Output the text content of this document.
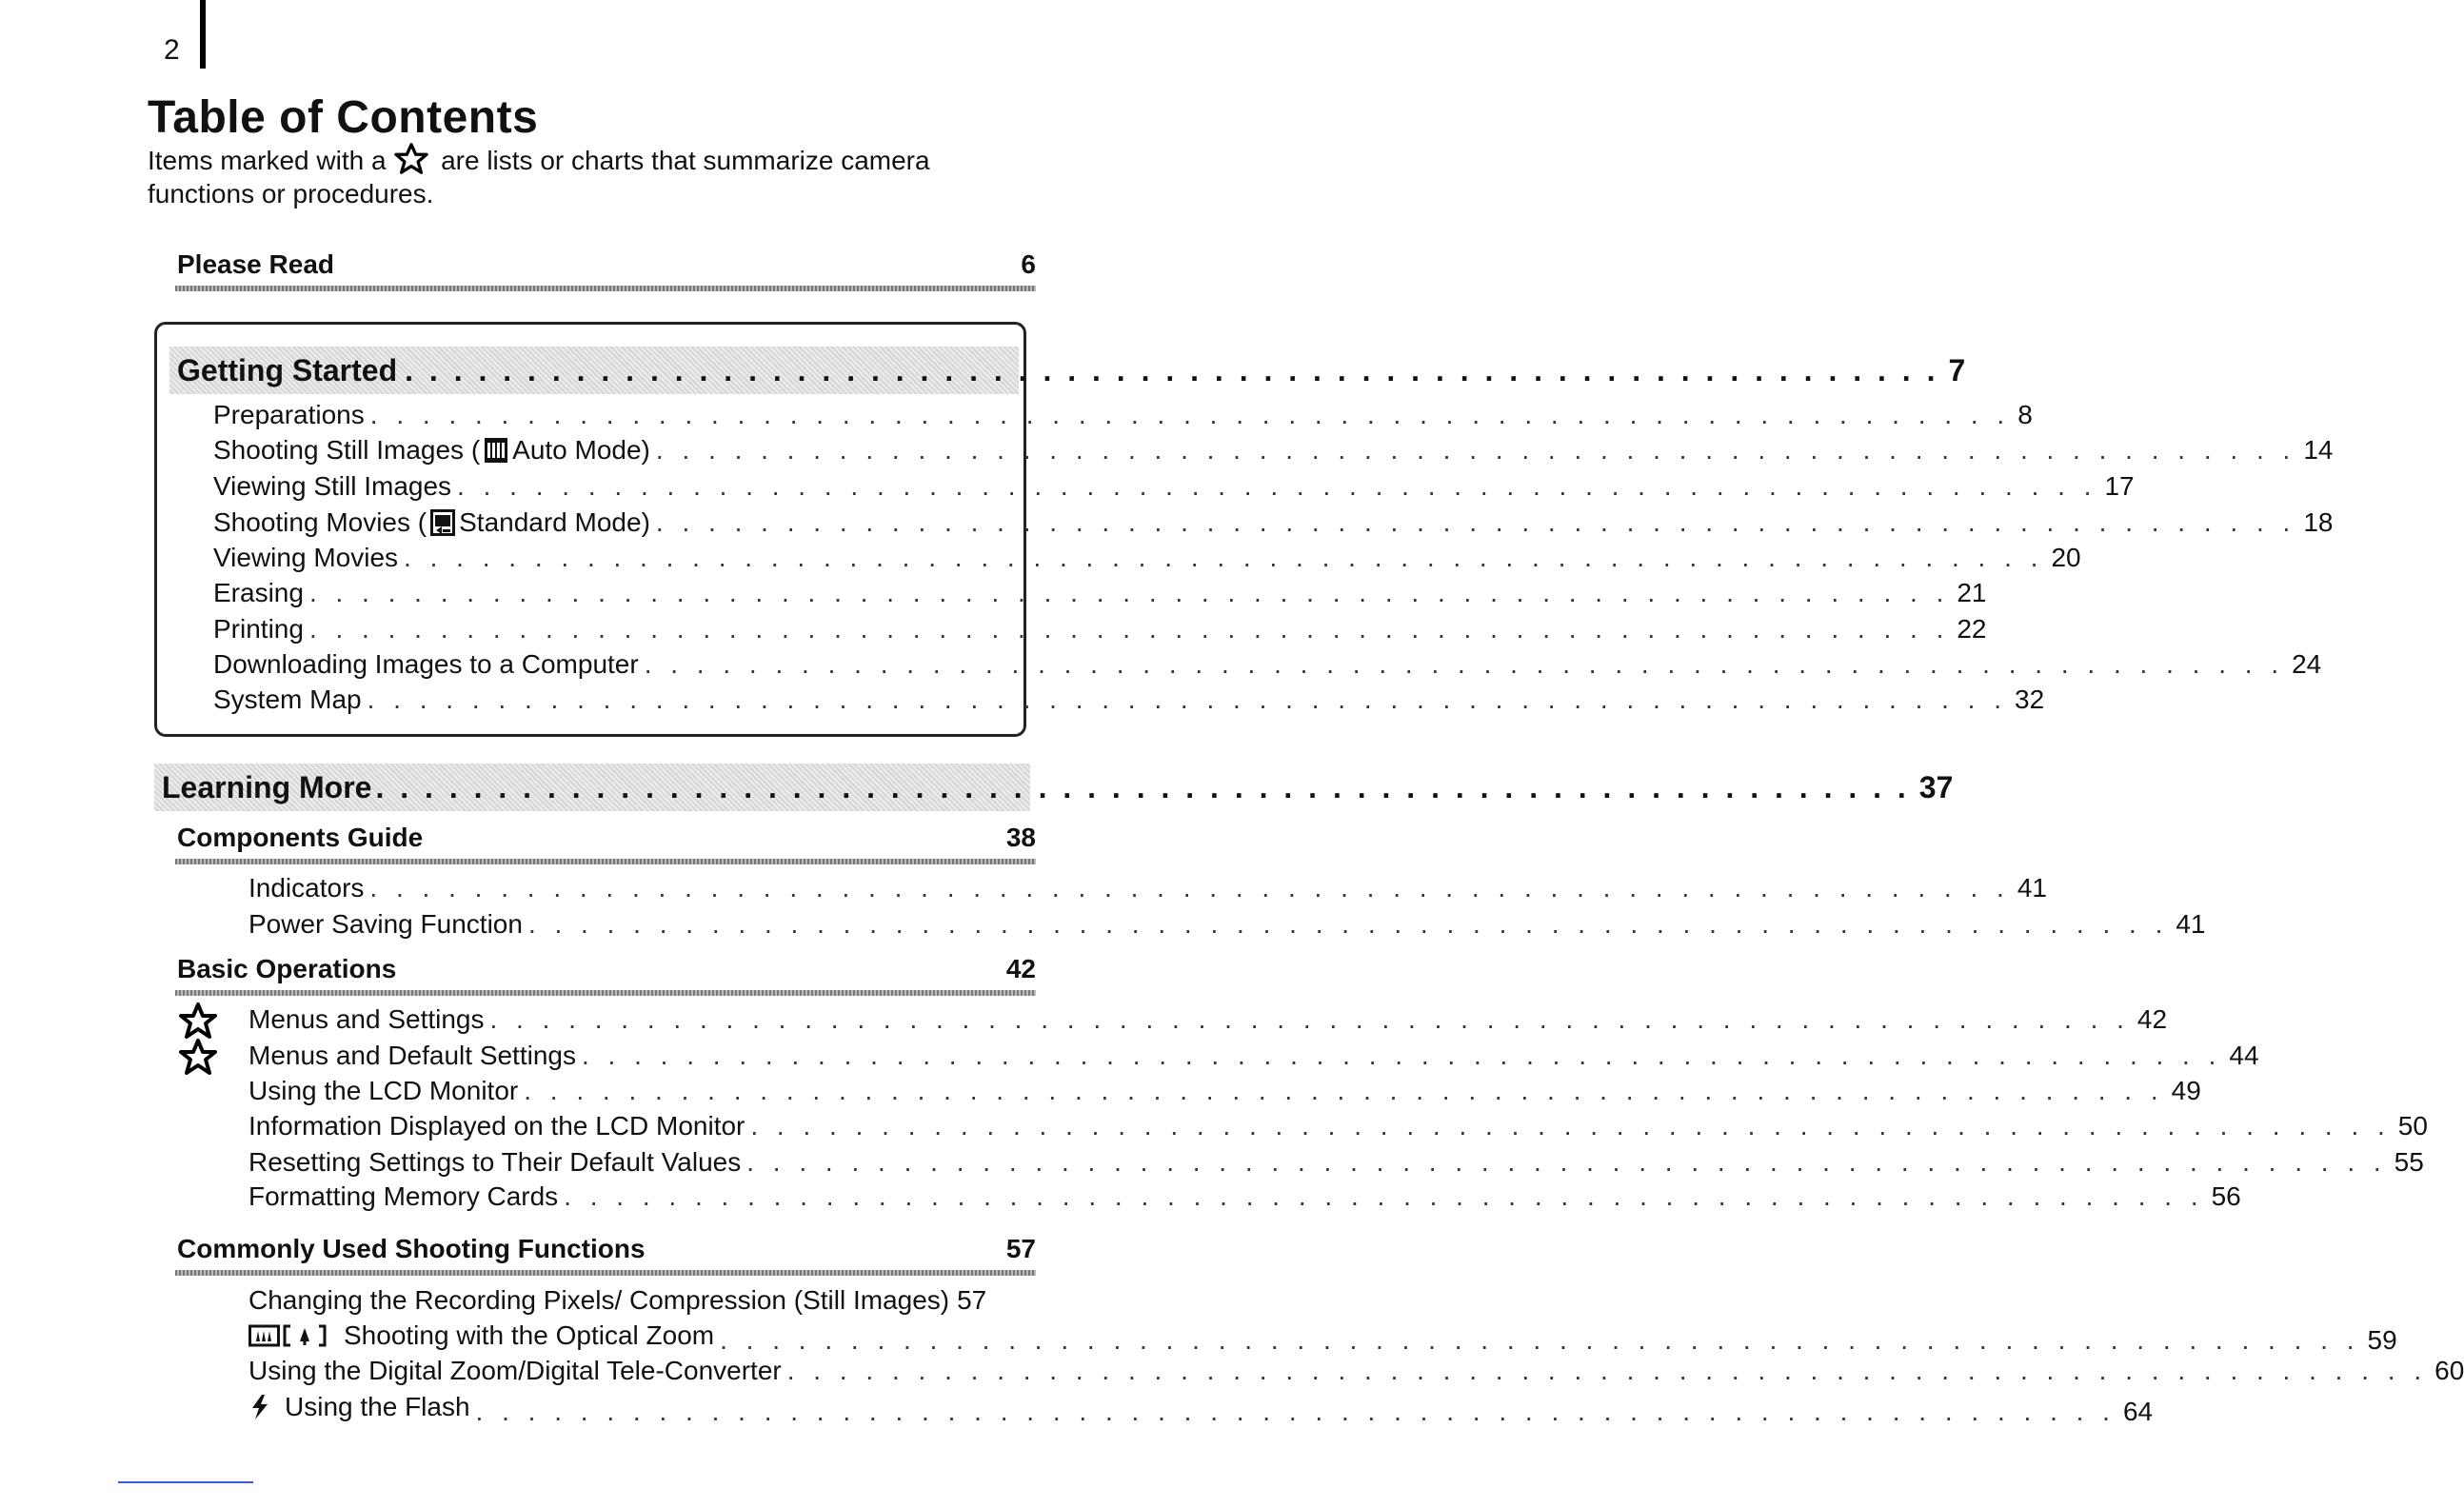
2
Table of Contents
Items marked with a  are lists or charts that summarize camera functions or procedures.
Please Read	6
Getting Started . . . . . . . . . . . . . . . . . . . . . . . . . . . . . . . . . . . . . . . . . . . . . . . . . . . . . . . . . . . . . . . 7
Preparations . . . . . . . . . . . . . . . . . . . . . . . . . . . . . . . . . . . . . . . . . . . . . . . . . . . . . . . . . . . . . . . 8
Shooting Still Images ( Auto Mode) . . . . . . . . . . . . . . . . . . . . . . . . . . . . . . . . . . . . . . . . . . . . . . . . . . . . . . . . . . . . . . . 14
Viewing Still Images . . . . . . . . . . . . . . . . . . . . . . . . . . . . . . . . . . . . . . . . . . . . . . . . . . . . . . . . . . . . . . . 17
Shooting Movies ( Standard Mode) . . . . . . . . . . . . . . . . . . . . . . . . . . . . . . . . . . . . . . . . . . . . . . . . . . . . . . . . . . . . . . . 18
Viewing Movies . . . . . . . . . . . . . . . . . . . . . . . . . . . . . . . . . . . . . . . . . . . . . . . . . . . . . . . . . . . . . . . 20
Erasing . . . . . . . . . . . . . . . . . . . . . . . . . . . . . . . . . . . . . . . . . . . . . . . . . . . . . . . . . . . . . . . 21
Printing . . . . . . . . . . . . . . . . . . . . . . . . . . . . . . . . . . . . . . . . . . . . . . . . . . . . . . . . . . . . . . . 22
Downloading Images to a Computer . . . . . . . . . . . . . . . . . . . . . . . . . . . . . . . . . . . . . . . . . . . . . . . . . . . . . . . . . . . . . . . 24
System Map . . . . . . . . . . . . . . . . . . . . . . . . . . . . . . . . . . . . . . . . . . . . . . . . . . . . . . . . . . . . . . . 32
Learning More . . . . . . . . . . . . . . . . . . . . . . . . . . . . . . . . . . . . . . . . . . . . . . . . . . . . . . . . . . . . . . . 37
Components Guide	38
Indicators . . . . . . . . . . . . . . . . . . . . . . . . . . . . . . . . . . . . . . . . . . . . . . . . . . . . . . . . . . . . . . . 41
Power Saving Function . . . . . . . . . . . . . . . . . . . . . . . . . . . . . . . . . . . . . . . . . . . . . . . . . . . . . . . . . . . . . . . 41
Basic Operations	42
Menus and Settings . . . . . . . . . . . . . . . . . . . . . . . . . . . . . . . . . . . . . . . . . . . . . . . . . . . . . . . . . . . . . . . 42
Menus and Default Settings . . . . . . . . . . . . . . . . . . . . . . . . . . . . . . . . . . . . . . . . . . . . . . . . . . . . . . . . . . . . . . . 44
Using the LCD Monitor . . . . . . . . . . . . . . . . . . . . . . . . . . . . . . . . . . . . . . . . . . . . . . . . . . . . . . . . . . . . . . . 49
Information Displayed on the LCD Monitor . . . . . . . . . . . . . . . . . . . . . . . . . . . . . . . . . . . . . . . . . . . . . . . . . . . . . . . . . . . . . . . 50
Resetting Settings to Their Default Values . . . . . . . . . . . . . . . . . . . . . . . . . . . . . . . . . . . . . . . . . . . . . . . . . . . . . . . . . . . . . . . 55
Formatting Memory Cards . . . . . . . . . . . . . . . . . . . . . . . . . . . . . . . . . . . . . . . . . . . . . . . . . . . . . . . . . . . . . . . 56
Commonly Used Shooting Functions	57
Changing the Recording Pixels/ Compression (Still Images) 57
Shooting with the Optical Zoom . . . . . . . . . . . . . . . . . . . . . . . . . . . . . . . . . . . . . . . . . . . . . . . . . . . . . . . . . . . . . . . 59
Using the Digital Zoom/Digital Tele-Converter . . . . . . . . . . . . . . . . . . . . . . . . . . . . . . . . . . . . . . . . . . . . . . . . . . . . . . . . . . . . . . . 60
Using the Flash . . . . . . . . . . . . . . . . . . . . . . . . . . . . . . . . . . . . . . . . . . . . . . . . . . . . . . . . . . . . . . . 64
